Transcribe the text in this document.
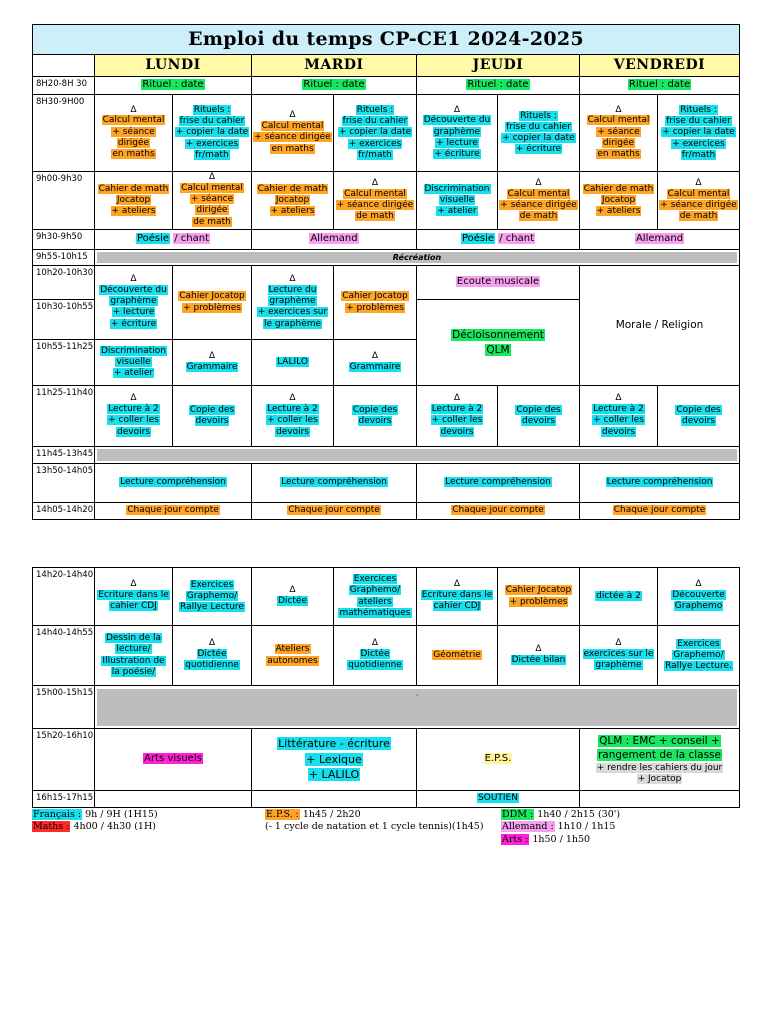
Emploi du temps CP-CE1 2024-2025								
	LUNDI		MARDI		JEUDI		VENDREDI	
8H20-8H 30	Rituel : date		Rituel : date		Rituel : date		Rituel : date	
8H30-9H00	Δ
Calcul mental
+ séance dirigée
en maths	Rituels :
frise du cahier
+ copier la date
+ exercices
fr/math	Δ
Calcul mental
+ séance dirigée
en maths	Rituels :
frise du cahier
+ copier la date
+ exercices
fr/math	Δ
Découverte du
graphème
+ lecture
+ écriture	Rituels :
frise du cahier
+ copier la date
+ écriture	Δ
Calcul mental
+ séance dirigée
en maths	Rituels :
frise du cahier
+ copier la date
+ exercices
fr/math
9h00-9h30	Cahier de math
Jocatop
+ ateliers	Δ
Calcul mental
+ séance dirigée
de math	Cahier de math
Jocatop
+ ateliers	Δ
Calcul mental
+ séance dirigée
de math	Discrimination
visuelle
+ atelier	Δ
Calcul mental
+ séance dirigée
de math	Cahier de math
Jocatop
+ ateliers	Δ
Calcul mental
+ séance dirigée
de math
9h30-9h50	Poésie / chant		Allemand		Poésie / chant		Allemand	
9h55-10h15	Récréation							

10h20-10h30	Δ
Découverte du
graphème
+ lecture
+ écriture	Cahier Jocatop
+ problèmes	Δ
Lecture du
graphème
+ exercices sur
le graphème	Cahier Jocatop
+ problèmes	Ecoute musicale		Morale / Religion	
10h30-10h55					Décloisonnement
QLM			
10h55-11h25	Discrimination
visuelle
+ atelier	Δ
Grammaire	LALILO	Δ
Grammaire				
11h25-11h40	Δ
Lecture à 2
+ coller les
devoirs	Copie des
devoirs	Δ
Lecture à 2
+ coller les
devoirs	Copie des devoirs	Δ
Lecture à 2
+ coller les
devoirs	Copie des
devoirs	Δ
Lecture à 2
+ coller les
devoirs	Copie des
devoirs
11h45-13h45								

13h50-14h05	Lecture compréhension		Lecture compréhension		Lecture compréhension		Lecture compréhension	
14h05-14h20	Chaque jour compte		Chaque jour compte		Chaque jour compte		Chaque jour compte	
14h20-14h40	Δ
Ecriture dans le
cahier CDJ	Exercices
Graphemo/
Rallye Lecture	Δ
Dictée	Exercices
Graphemo/
ateliers
mathématiques	Δ
Ecriture dans le
cahier CDJ	Cahier Jocatop
+ problèmes	dictée à 2	Δ
Découverte
Graphemo
14h40-14h55	Dessin de la
lecture/
Illustration de
la poésie/	Δ
Dictée
quotidienne	Ateliers
autonomes	Δ
Dictée
quotidienne	Géométrie	Δ
Dictée bilan	Δ
exercices sur le
graphème	Exercices
Graphemo/
Rallye Lecture.
15h00-15h15	·							

15h20-16h10	Arts visuels		Littérature - écriture
+ Lexique
+ LALILO		E.P.S.		QLM : EMC + conseil +
rangement de la classe
+ rendre les cahiers du jour
+ Jocatop	
16h15-17h15					SOUTIEN			
Français : 9h / 9H (1H15)
Maths : 4h00 / 4h30 (1H)
E.P.S. : 1h45 / 2h20
(- 1 cycle de natation et 1 cycle tennis)(1h45)
DDM : 1h40 / 2h15 (30')
Allemand : 1h10 / 1h15
Arts : 1h50 / 1h50
